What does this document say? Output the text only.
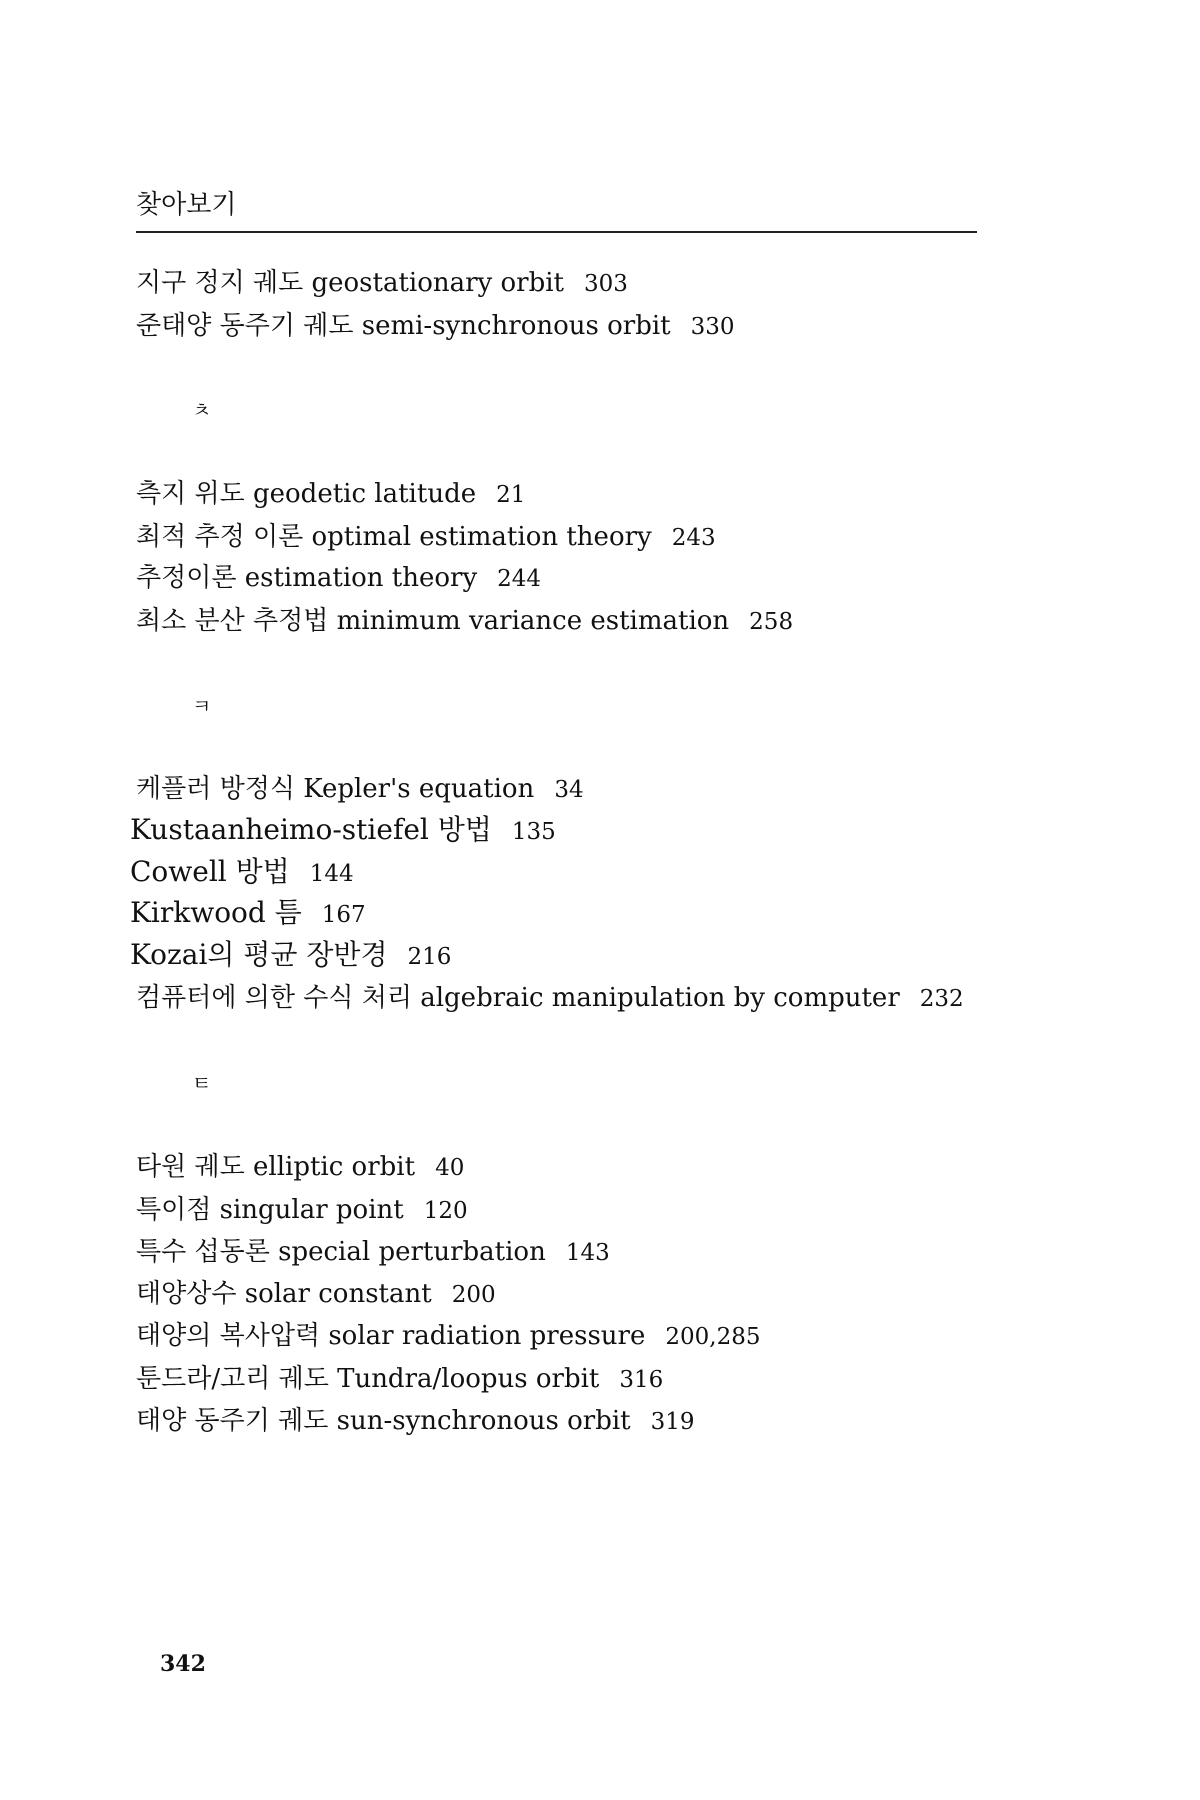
찾아보기
지구 정지 궤도 geostationary orbit 303
준태양 동주기 궤도 semi-synchronous orbit 330
ㅊ
측지 위도 geodetic latitude 21
최적 추정 이론 optimal estimation theory 243
추정이론 estimation theory 244
최소 분산 추정법 minimum variance estimation 258
ㅋ
케플러 방정식 Kepler's equation 34
Kustaanheimo-stiefel 방법 135
Cowell 방법 144
Kirkwood 틈 167
Kozai의 평균 장반경 216
컴퓨터에 의한 수식 처리 algebraic manipulation by computer 232
ㅌ
타원 궤도 elliptic orbit 40
특이점 singular point 120
특수 섭동론 special perturbation 143
태양상수 solar constant 200
태양의 복사압력 solar radiation pressure 200,285
툰드라/고리 궤도 Tundra/loopus orbit 316
태양 동주기 궤도 sun-synchronous orbit 319
342
